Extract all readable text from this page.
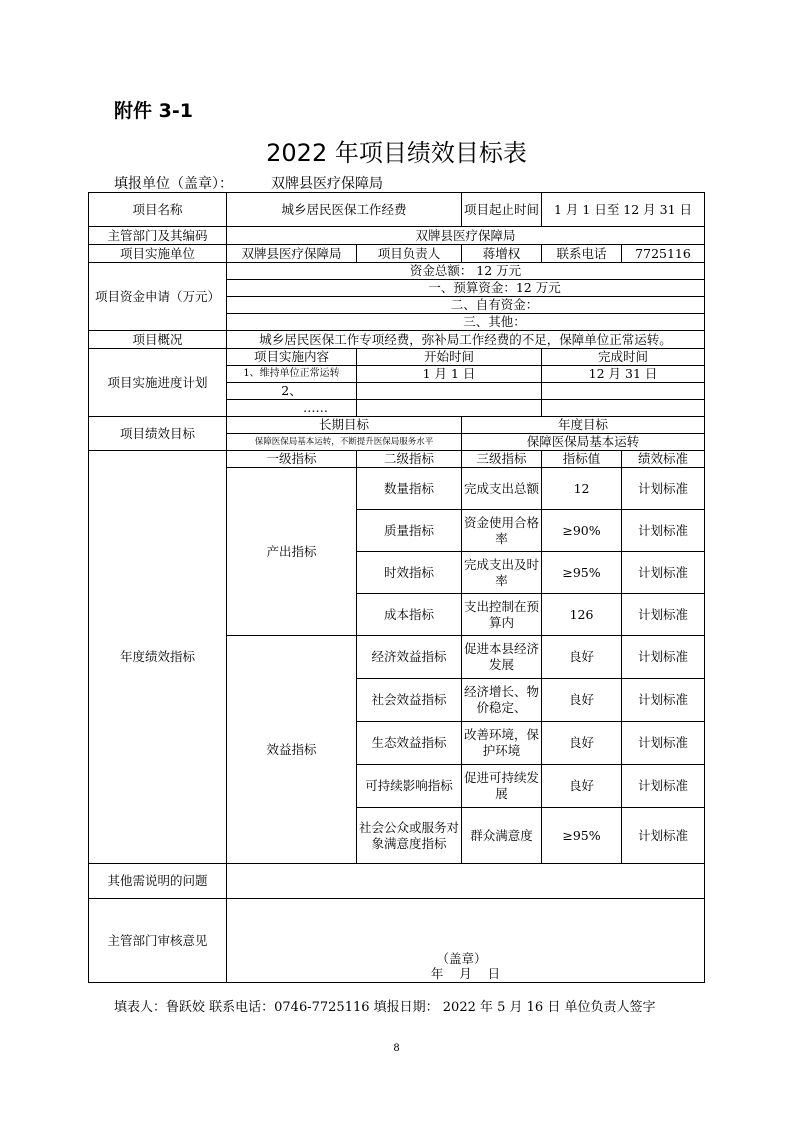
附件 3-1
2022 年项目绩效目标表
填报单位（盖章）：	双牌县医疗保障局
项目名称	城乡居民医保工作经费		项目起止时间	1 月 1 日至 12 月 31 日	
主管部门及其编码	双牌县医疗保障局				
项目实施单位	双牌县医疗保障局	项目负责人	蒋增权	联系电话	7725116
项目资金申请（万元）	资金总额： 12 万元				
	一、预算资金：12 万元				
	二、自有资金：				
	三、其他：				
项目概况	城乡居民医保工作专项经费，弥补局工作经费的不足，保障单位正常运转。				
项目实施进度计划	项目实施内容	开始时间		完成时间	
	1、维持单位正常运转	1 月 1 日		12 月 31 日	
	2、				
	……				
项目绩效目标	长期目标		年度目标		
	保障医保局基本运转，不断提升医保局服务水平		保障医保局基本运转		
年度绩效指标	一级指标	二级指标	三级指标	指标值	绩效标准
	产出指标	数量指标	完成支出总额	12	计划标准
		质量指标	资金使用合格率	≥90%	计划标准
		时效指标	完成支出及时率	≥95%	计划标准
		成本指标	支出控制在预算内	126	计划标准
	效益指标	经济效益指标	促进本县经济发展	良好	计划标准
		社会效益指标	经济增长、物价稳定、	良好	计划标准
		生态效益指标	改善环境，保护环境	良好	计划标准
		可持续影响指标	促进可持续发展	良好	计划标准
		社会公众或服务对象满意度指标	群众满意度	≥95%	计划标准
其他需说明的问题					
主管部门审核意见	（盖章）
年    月    日				
填表人：鲁跃姣 联系电话：0746-7725116 填报日期： 2022 年 5 月 16 日 单位负责人签字
8
